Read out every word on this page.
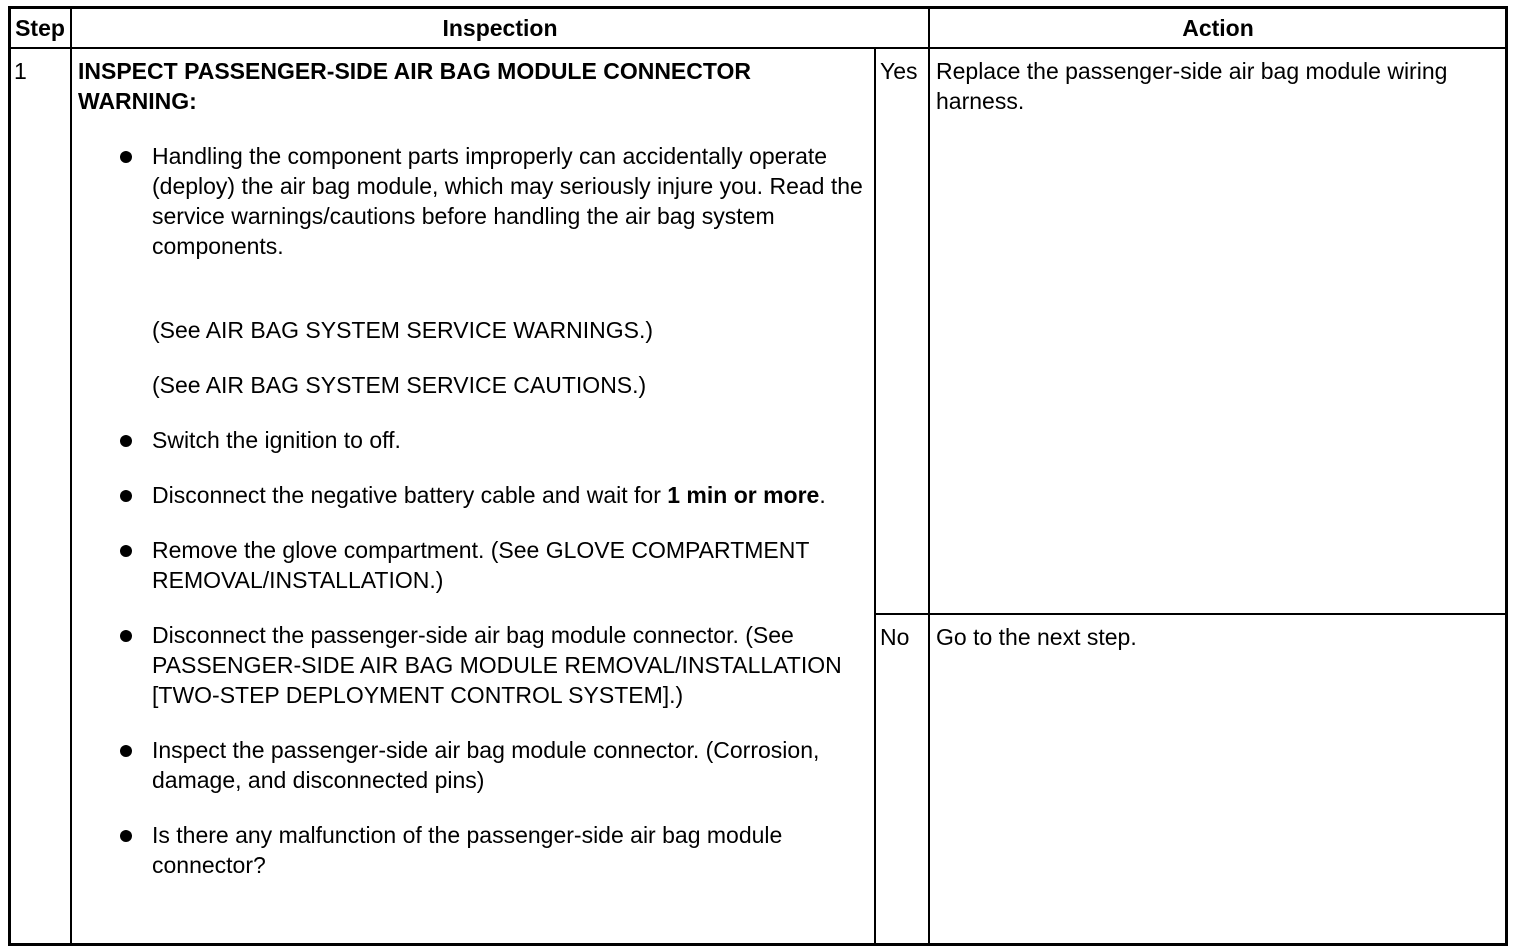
Step	Inspection	Action
1 INSPECT PASSENGER-SIDE AIR BAG MODULE CONNECTOR
WARNING:
Handling the component parts improperly can accidentally operate (deploy) the air bag module, which may seriously injure you. Read the service warnings/cautions before handling the air bag system components.
(See AIR BAG SYSTEM SERVICE WARNINGS.)
(See AIR BAG SYSTEM SERVICE CAUTIONS.)
Switch the ignition to off.
Disconnect the negative battery cable and wait for 1 min or more.
Remove the glove compartment. (See GLOVE COMPARTMENT REMOVAL/INSTALLATION.)
Disconnect the passenger-side air bag module connector. (See PASSENGER-SIDE AIR BAG MODULE REMOVAL/INSTALLATION [TWO-STEP DEPLOYMENT CONTROL SYSTEM].)
Inspect the passenger-side air bag module connector. (Corrosion, damage, and disconnected pins)
Is there any malfunction of the passenger-side air bag module connector?
Yes Replace the passenger-side air bag module wiring harness.
No Go to the next step.
